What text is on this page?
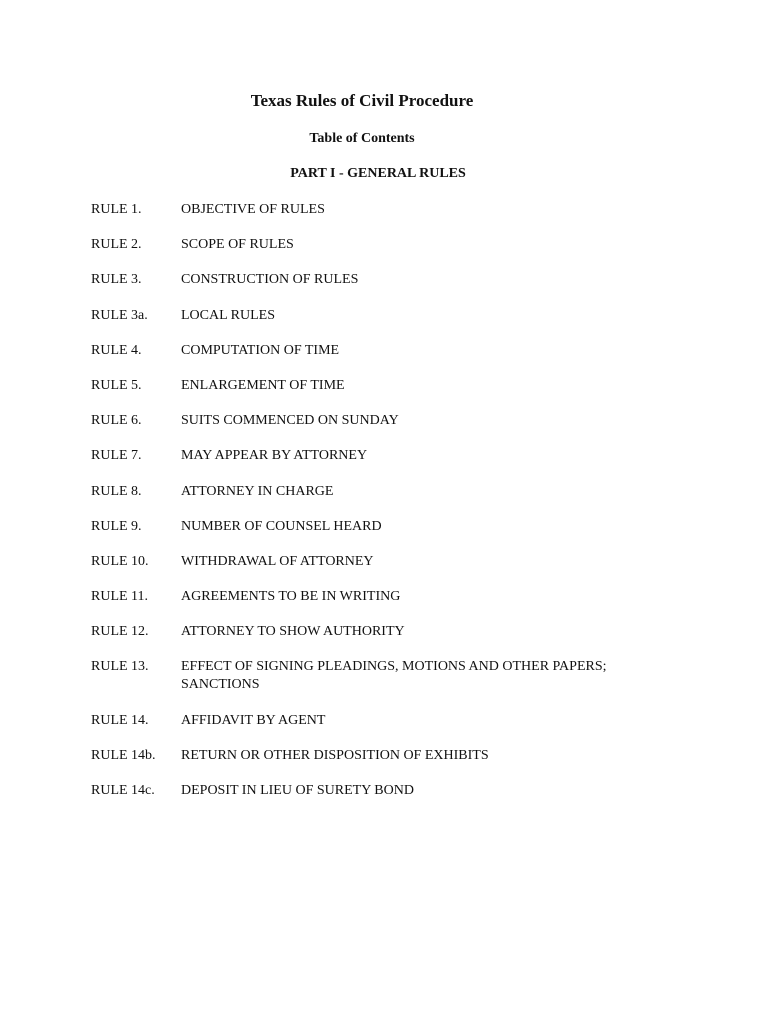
Texas Rules of Civil Procedure
Table of Contents
PART I - GENERAL RULES
RULE 1.	OBJECTIVE OF RULES
RULE 2.	SCOPE OF RULES
RULE 3.	CONSTRUCTION OF RULES
RULE 3a.	LOCAL RULES
RULE 4.	COMPUTATION OF TIME
RULE 5.	ENLARGEMENT OF TIME
RULE 6.	SUITS COMMENCED ON SUNDAY
RULE 7.	MAY APPEAR BY ATTORNEY
RULE 8.	ATTORNEY IN CHARGE
RULE 9.	NUMBER OF COUNSEL HEARD
RULE 10.	WITHDRAWAL OF ATTORNEY
RULE 11.	AGREEMENTS TO BE IN WRITING
RULE 12.	ATTORNEY TO SHOW AUTHORITY
RULE 13.	EFFECT OF SIGNING PLEADINGS, MOTIONS AND OTHER PAPERS; SANCTIONS
RULE 14.	AFFIDAVIT BY AGENT
RULE 14b.	RETURN OR OTHER DISPOSITION OF EXHIBITS
RULE 14c.	DEPOSIT IN LIEU OF SURETY BOND
